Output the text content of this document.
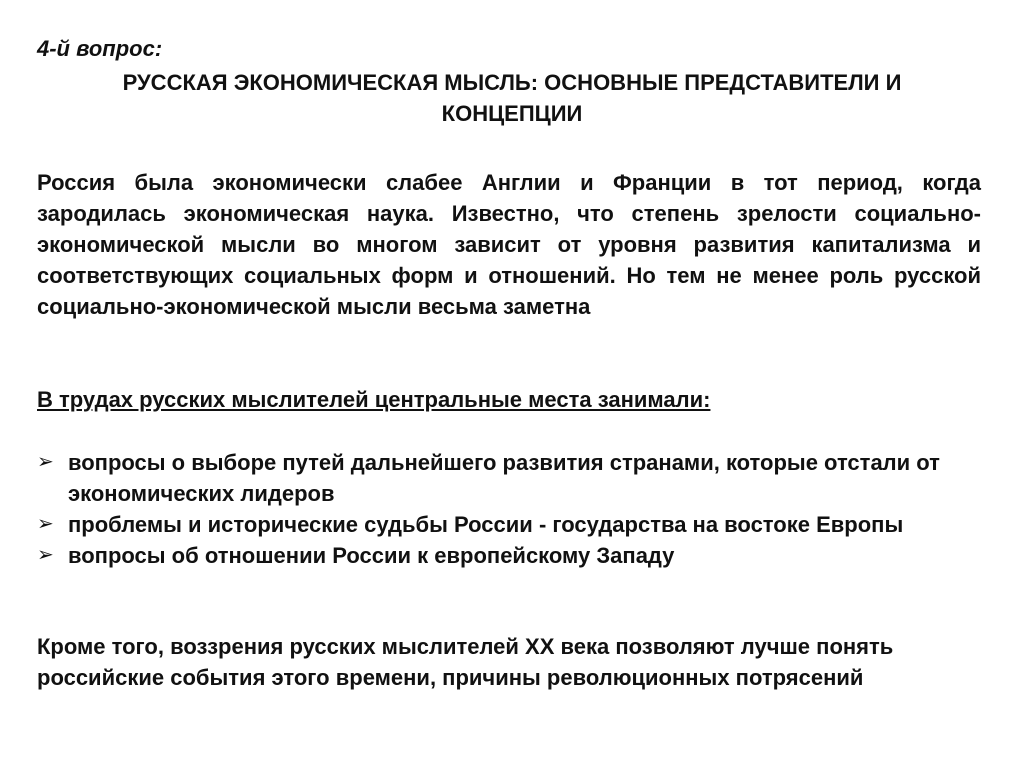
4-й вопрос:

РУССКАЯ ЭКОНОМИЧЕСКАЯ МЫСЛЬ: ОСНОВНЫЕ ПРЕДСТАВИТЕЛИ И КОНЦЕПЦИИ

Россия была экономически слабее Англии и Франции в тот период, когда зародилась экономическая наука. Известно, что степень зрелости социально-экономической мысли во многом зависит от уровня развития капитализма и соответствующих социальных форм и отношений. Но тем не менее роль русской социально-экономической мысли весьма заметна

В трудах русских мыслителей центральные места занимали:

➢ вопросы о выборе путей дальнейшего развития странами, которые отстали от экономических лидеров
➢ проблемы и исторические судьбы России - государства на востоке Европы
➢ вопросы об отношении России к европейскому Западу

Кроме того, воззрения русских мыслителей XX века позволяют лучше понять российские события этого времени, причины революционных потрясений
